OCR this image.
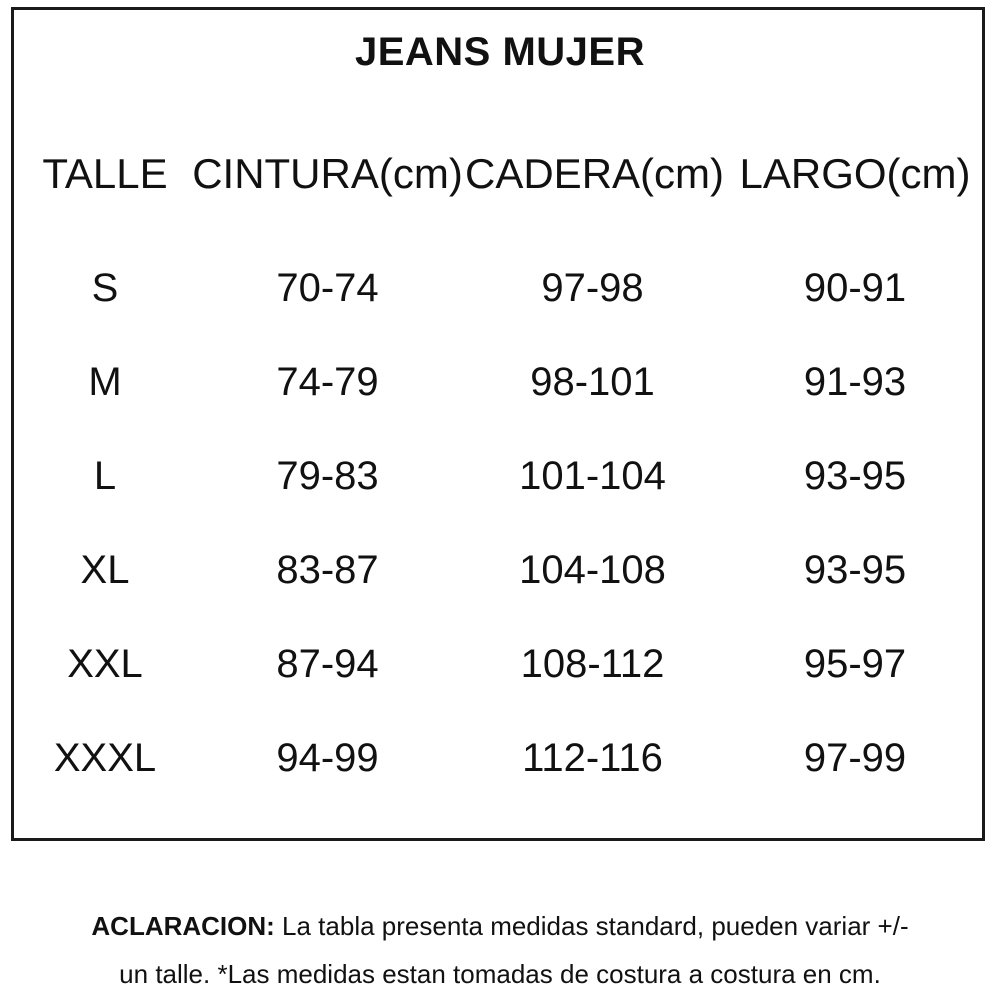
JEANS MUJER
TALLE CINTURA(cm) CADERA(cm) LARGO(cm)
S	70-74	97-98	90-91
M	74-79	98-101	91-93
L	79-83	101-104	93-95
XL	83-87	104-108	93-95
XXL	87-94	108-112	95-97
XXXL	94-99	112-116	97-99
ACLARACION: La tabla presenta medidas standard, pueden variar +/-
un talle. *Las medidas estan tomadas de costura a costura en cm.
